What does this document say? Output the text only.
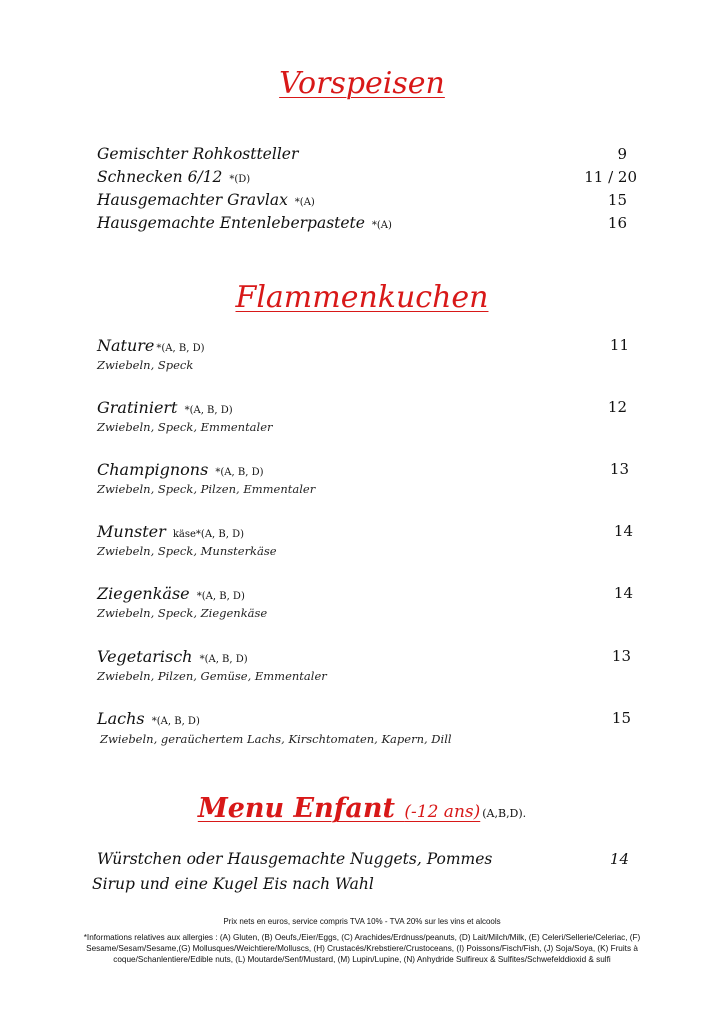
Vorspeisen
Gemischter Rohkostteller	9
Schnecken 6/12 *(D)	11 / 20
Hausgemachter Gravlax *(A)	15
Hausgemachte Entenleberpastete *(A)	16
Flammenkuchen
Nature *(A, B, D)	11
Zwiebeln, Speck
Gratiniert *(A, B, D)	12
Zwiebeln, Speck, Emmentaler
Champignons *(A, B, D)	13
Zwiebeln, Speck, Pilzen, Emmentaler
Munster käse*(A, B, D)	14
Zwiebeln, Speck, Munsterkäse
Ziegenkäse *(A, B, D)	14
Zwiebeln, Speck, Ziegenkäse
Vegetarisch *(A, B, D)	13
Zwiebeln, Pilzen, Gemüse, Emmentaler
Lachs *(A, B, D)	15
Zwiebeln, geraüchertem Lachs, Kirschtomaten, Kapern, Dill
Menu Enfant (-12 ans) (A,B,D).
Würstchen oder Hausgemachte Nuggets, Pommes	14
Sirup und eine Kugel Eis nach Wahl
Prix nets en euros, service compris TVA 10% - TVA 20% sur les vins et alcools
*Informations relatives aux allergies : (A) Gluten, (B) Oeufs,/Eier/Eggs, (C) Arachides/Erdnuss/peanuts, (D) Lait/Milch/Milk, (E) Celeri/Sellerie/Celeriac, (F) Sesame/Sesam/Sesame,(G) Mollusques/Weichtiere/Molluscs, (H) Crustacés/Krebstiere/Crustoceans, (I) Poissons/Fisch/Fish, (J) Soja/Soya, (K) Fruits à coque/Schanlentiere/Edible nuts, (L) Moutarde/Senf/Mustard, (M) Lupin/Lupine, (N) Anhydride Sulfireux & Sulfites/Schwefelddioxid & sulfi
